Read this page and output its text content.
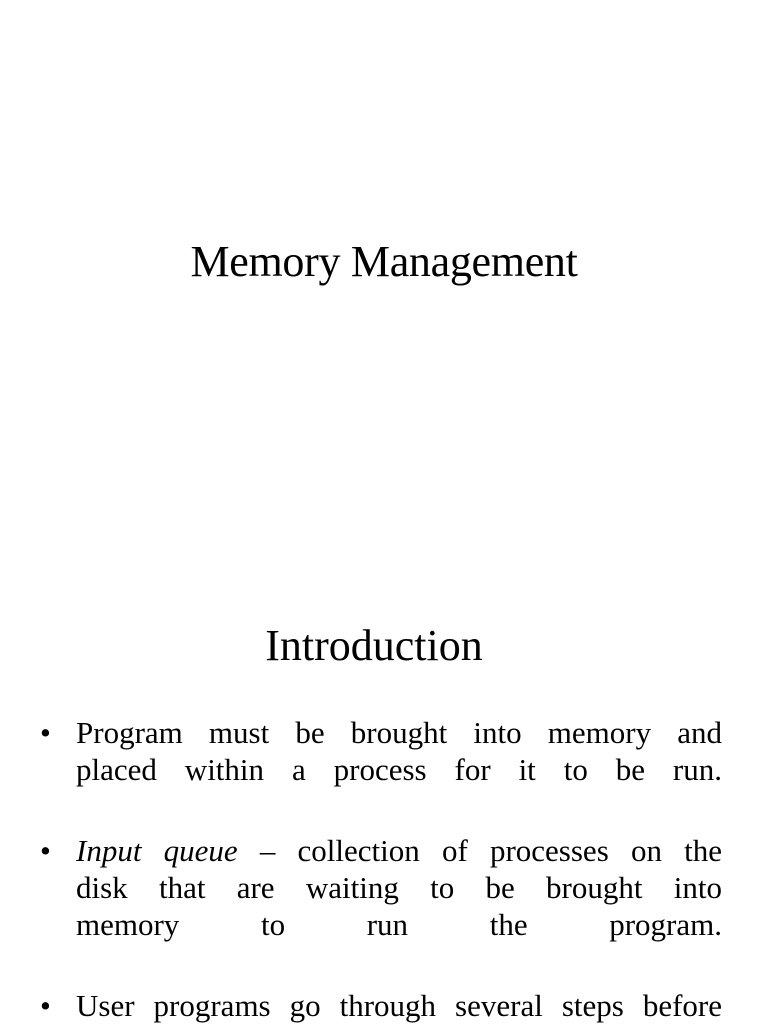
Memory Management
Introduction
• Program must be brought into memory and
placed within a process for it to be run.
• Input queue – collection of processes on the
disk that are waiting to be brought into
memory to run the program.
• User programs go through several steps before
